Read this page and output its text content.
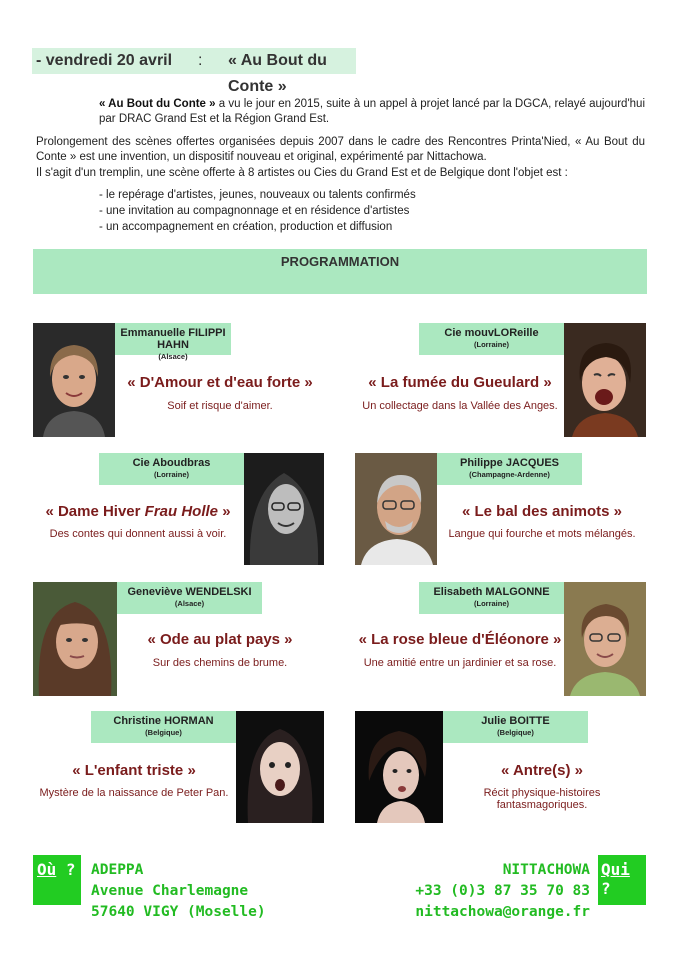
- vendredi 20 avril : « Au Bout du Conte »
« Au Bout du Conte » a vu le jour en 2015, suite à un appel à projet lancé par la DGCA, relayé aujourd'hui par DRAC Grand Est et la Région Grand Est.
Prolongement des scènes offertes organisées depuis 2007 dans le cadre des Rencontres Printa'Nied, « Au Bout du Conte » est une invention, un dispositif nouveau et original, expérimenté par Nittachowa.
Il s'agit d'un tremplin, une scène offerte à 8 artistes ou Cies du Grand Est et de Belgique dont l'objet est :
- le repérage d'artistes, jeunes, nouveaux ou talents confirmés
- une invitation au compagnonnage et en résidence d'artistes
- un accompagnement en création, production et diffusion
PROGRAMMATION
Emmanuelle FILIPPI HAHN
(Alsace)
« D'Amour et d'eau forte »
Soif et risque d'aimer.
Cie mouvLOReille
(Lorraine)
« La fumée du Gueulard »
Un collectage dans la Vallée des Anges.
Cie Aboudbras
(Lorraine)
« Dame Hiver Frau Holle »
Des contes qui donnent aussi à voir.
Philippe JACQUES
(Champagne-Ardenne)
« Le bal des animots »
Langue qui fourche et mots mélangés.
Geneviève WENDELSKI
(Alsace)
« Ode au plat pays »
Sur des chemins de brume.
Elisabeth MALGONNE
(Lorraine)
« La rose bleue d'Éléonore »
Une amitié entre un jardinier et sa rose.
Christine HORMAN
(Belgique)
« L'enfant triste »
Mystère de la naissance de Peter Pan.
Julie BOITTE
(Belgique)
« Antre(s) »
Récit physique-histoires fantasmagoriques.
Où ? ADEPPA
Avenue Charlemagne
57640 VIGY (Moselle)
NITTACHOWA
+33 (0)3 87 35 70 83
nittachowa@orange.fr
Qui ?
